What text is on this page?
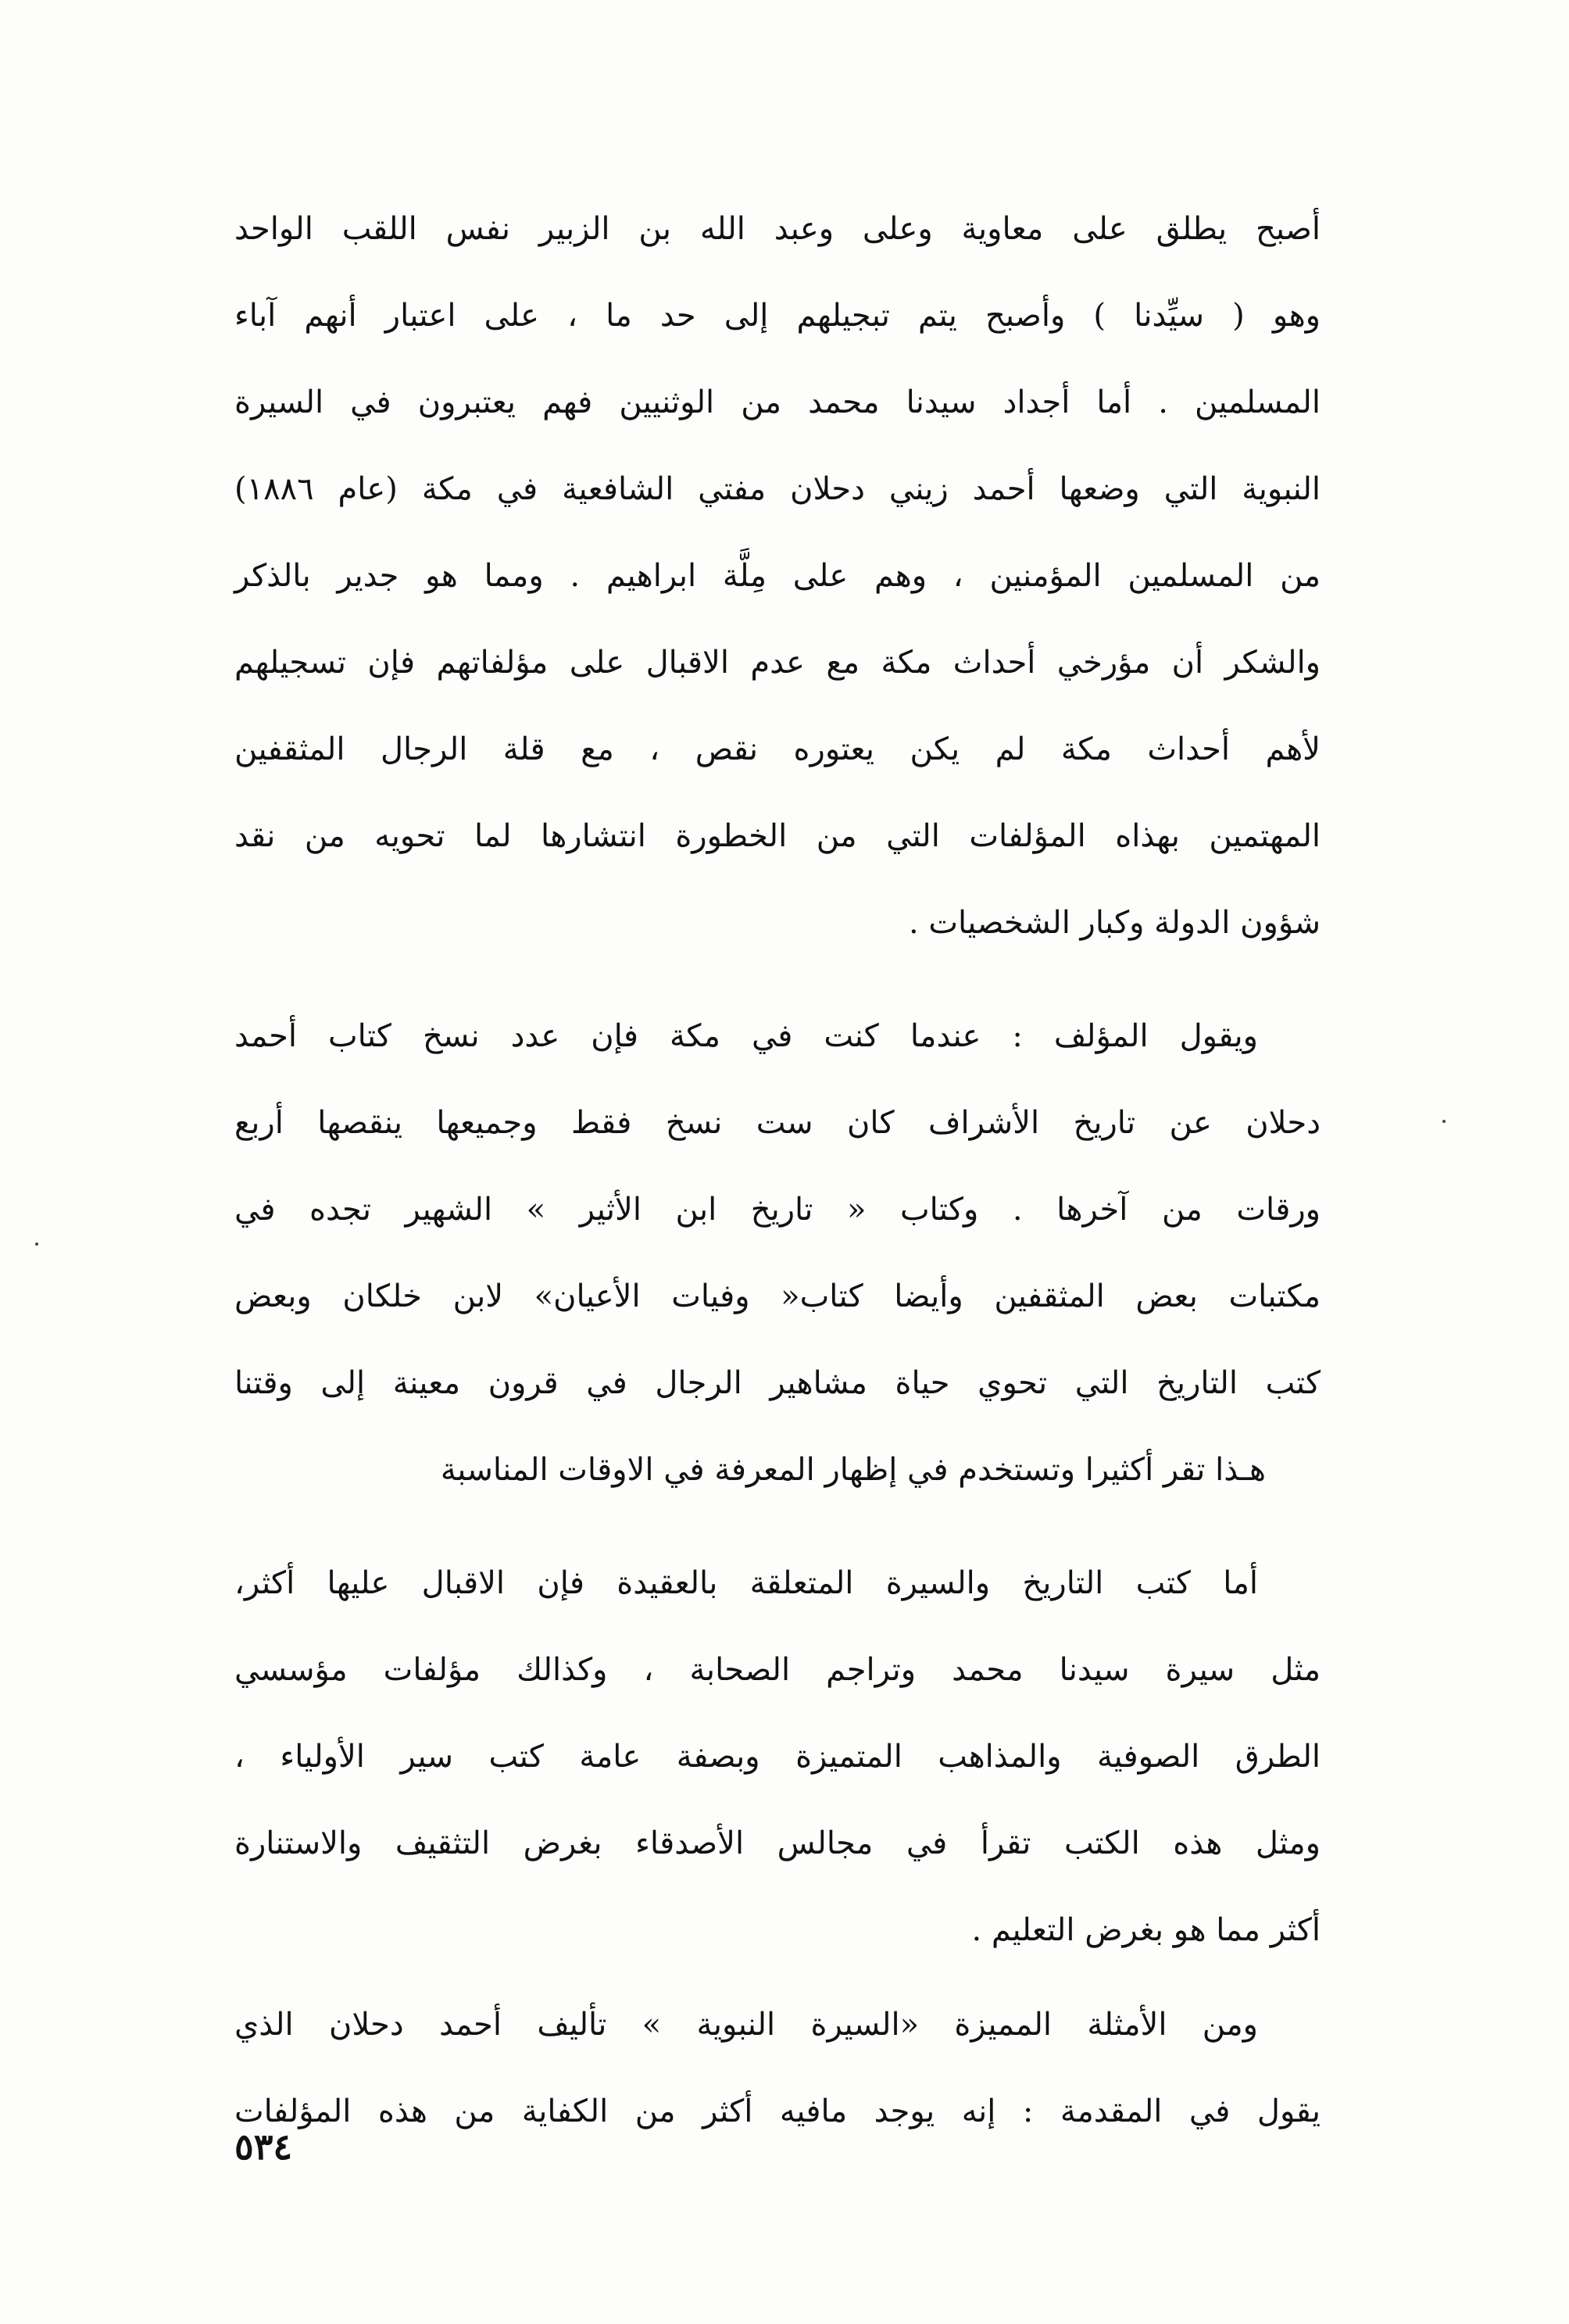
أصبح يطلق على معاوية وعلى وعبد الله بن الزبير نفس اللقب الواحد
وهو ( سيِّدنا ) وأصبح يتم تبجيلهم إلى حد ما ، على اعتبار أنهم آباء
المسلمين . أما أجداد سيدنا محمد من الوثنيين فهم يعتبرون في السيرة
النبوية التي وضعها أحمد زيني دحلان مفتي الشافعية في مكة (عام ١٨٨٦)
من المسلمين المؤمنين ، وهم على مِلَّة ابراهيم . ومما هو جدير بالذكر
والشكر أن مؤرخي أحداث مكة مع عدم الاقبال على مؤلفاتهم فإن تسجيلهم
لأهم أحداث مكة لم يكن يعتوره نقص ، مع قلة الرجال المثقفين
المهتمين بهذاه المؤلفات التي من الخطورة انتشارها لما تحويه من نقد
شؤون الدولة وكبار الشخصيات .
ويقول المؤلف : عندما كنت في مكة فإن عدد نسخ كتاب أحمد
دحلان عن تاريخ الأشراف كان ست نسخ فقط وجميعها ينقصها أربع
ورقات من آخرها . وكتاب « تاريخ ابن الأثير » الشهير تجده في
مكتبات بعض المثقفين وأيضا كتاب« وفيات الأعيان» لابن خلكان وبعض
كتب التاريخ التي تحوي حياة مشاهير الرجال في قرون معينة إلى وقتنا
هـذا تقر أكثيرا وتستخدم في إظهار المعرفة في الاوقات المناسبة
أما كتب التاريخ والسيرة المتعلقة بالعقيدة فإن الاقبال عليها أكثر،
مثل سيرة سيدنا محمد وتراجم الصحابة ، وكذالك مؤلفات مؤسسي
الطرق الصوفية والمذاهب المتميزة وبصفة عامة كتب سير الأولياء ،
ومثل هذه الكتب تقرأ في مجالس الأصدقاء بغرض التثقيف والاستنارة
أكثر مما هو بغرض التعليم .
ومن الأمثلة المميزة «السيرة النبوية » تأليف أحمد دحلان الذي
يقول في المقدمة : إنه يوجد مافيه أكثر من الكفاية من هذه المؤلفات
٥٣٤
